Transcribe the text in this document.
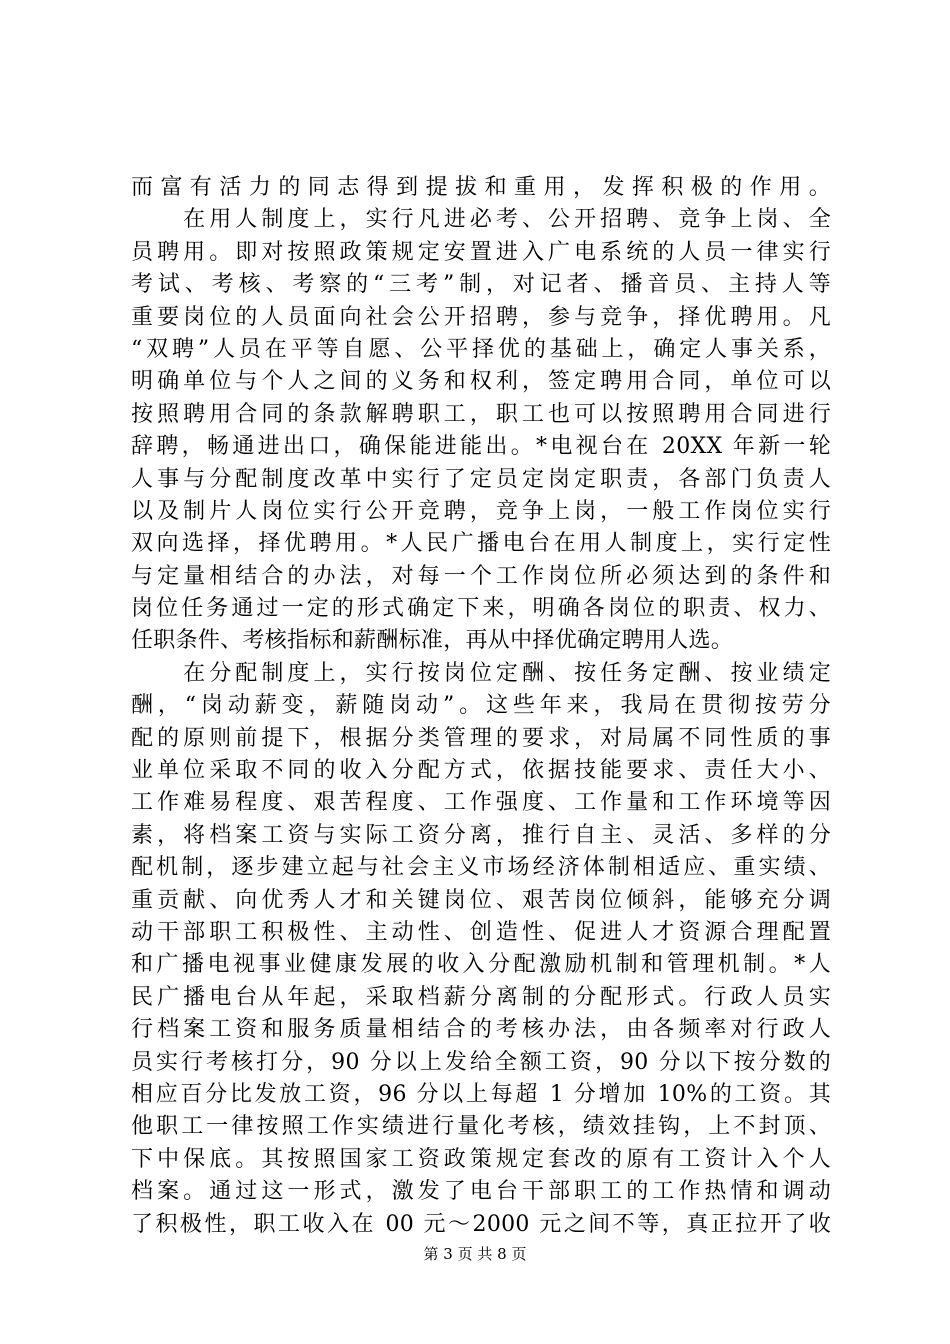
而富有活力的同志得到提拔和重用，发挥积极的作用。
　　在用人制度上，实行凡进必考、公开招聘、竞争上岗、全
员聘用。即对按照政策规定安置进入广电系统的人员一律实行
考试、考核、考察的“三考”制，对记者、播音员、主持人等
重要岗位的人员面向社会公开招聘，参与竞争，择优聘用。凡
“双聘”人员在平等自愿、公平择优的基础上，确定人事关系，
明确单位与个人之间的义务和权利，签定聘用合同，单位可以
按照聘用合同的条款解聘职工，职工也可以按照聘用合同进行
辞聘，畅通进出口，确保能进能出。*电视台在 20XX 年新一轮
人事与分配制度改革中实行了定员定岗定职责，各部门负责人
以及制片人岗位实行公开竞聘，竞争上岗，一般工作岗位实行
双向选择，择优聘用。*人民广播电台在用人制度上，实行定性
与定量相结合的办法，对每一个工作岗位所必须达到的条件和
岗位任务通过一定的形式确定下来，明确各岗位的职责、权力、
任职条件、考核指标和薪酬标准，再从中择优确定聘用人选。
　　在分配制度上，实行按岗位定酬、按任务定酬、按业绩定
酬，“岗动薪变，薪随岗动”。这些年来，我局在贯彻按劳分
配的原则前提下，根据分类管理的要求，对局属不同性质的事
业单位采取不同的收入分配方式，依据技能要求、责任大小、
工作难易程度、艰苦程度、工作强度、工作量和工作环境等因
素，将档案工资与实际工资分离，推行自主、灵活、多样的分
配机制，逐步建立起与社会主义市场经济体制相适应、重实绩、
重贡献、向优秀人才和关键岗位、艰苦岗位倾斜，能够充分调
动干部职工积极性、主动性、创造性、促进人才资源合理配置
和广播电视事业健康发展的收入分配激励机制和管理机制。*人
民广播电台从年起，采取档薪分离制的分配形式。行政人员实
行档案工资和服务质量相结合的考核办法，由各频率对行政人
员实行考核打分，90 分以上发给全额工资，90 分以下按分数的
相应百分比发放工资，96 分以上每超 1 分增加 10%的工资。其
他职工一律按照工作实绩进行量化考核，绩效挂钩，上不封顶、
下中保底。其按照国家工资政策规定套改的原有工资计入个人
档案。通过这一形式，激发了电台干部职工的工作热情和调动
了积极性，职工收入在 00 元～2000 元之间不等，真正拉开了收
第 3 页 共 8 页
